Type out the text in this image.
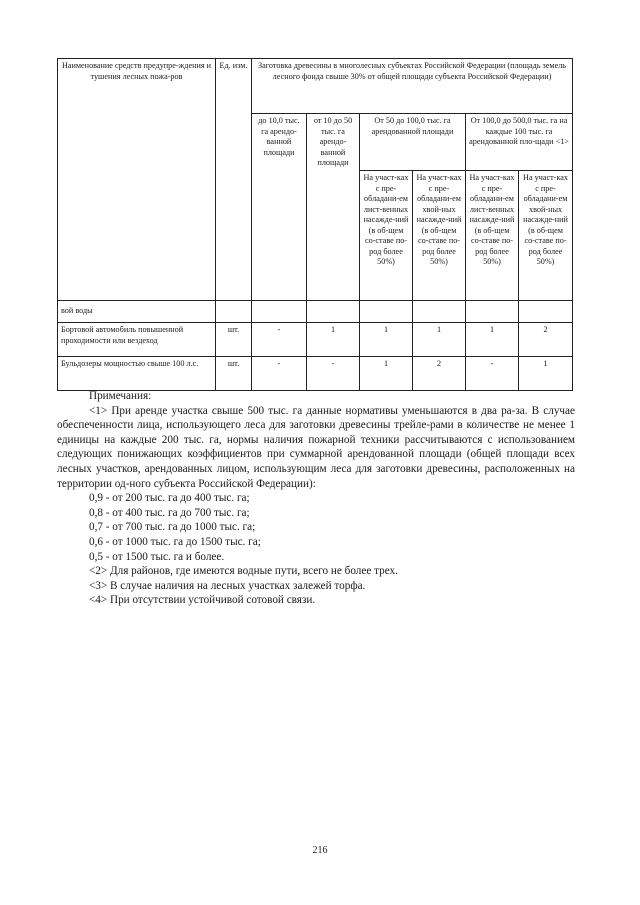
Наименование средств предупре-ждения и тушения лесных пожа-ров	Ед. изм.	Заготовка древесины в многолесных субъектах Российской Федерации (площадь земель лесного фонда свыше 30% от общей площади субъекта Российской Федерации)					
		до 10,0 тыс. га арендо-ванной площади	от 10 до 50 тыс. га арендо-ванной площади	От 50 до 100,0 тыс. га арендованной площади		От 100,0 до 500,0 тыс. га на каждые 100 тыс. га арендованной пло-щади <1>	
				На участ-ках с пре-обладани-ем лист-венных насажде-ний (в об-щем со-ставе по-род более 50%)	На участ-ках с пре-обладани-ем хвой-ных насажде-ний (в об-щем со-ставе по-род более 50%)	На участ-ках с пре-обладани-ем лист-венных насажде-ний (в об-щем со-ставе по-род более 50%)	На участ-ках с пре-обладани-ем хвой-ных насажде-ний (в об-щем со-ставе по-род более 50%)
вой воды							
Бортовой автомобиль повышенной проходимости или вездеход	шт.	-	1	1	1	1	2
Бульдозеры мощностью свыше 100 л.с.	шт.	-	-	1	2	-	1

Примечания:

<1> При аренде участка свыше 500 тыс. га данные нормативы уменьшаются в два ра-за. В случае обеспеченности лица, использующего леса для заготовки древесины трейле-рами в количестве не менее 1 единицы на каждые 200 тыс. га, нормы наличия пожарной техники рассчитываются с использованием следующих понижающих коэффициентов при суммарной арендованной площади (общей площади всех лесных участков, арендованных лицом, использующим леса для заготовки древесины, расположенных на территории од-ного субъекта Российской Федерации):

0,9 - от 200 тыс. га до 400 тыс. га;

0,8 - от 400 тыс. га до 700 тыс. га;

0,7 - от 700 тыс. га до 1000 тыс. га;

0,6 - от 1000 тыс. га до 1500 тыс. га;

0,5 - от 1500 тыс. га и более.

<2> Для районов, где имеются водные пути, всего не более трех.

<3> В случае наличия на лесных участках залежей торфа.

<4> При отсутствии устойчивой сотовой связи.

216
